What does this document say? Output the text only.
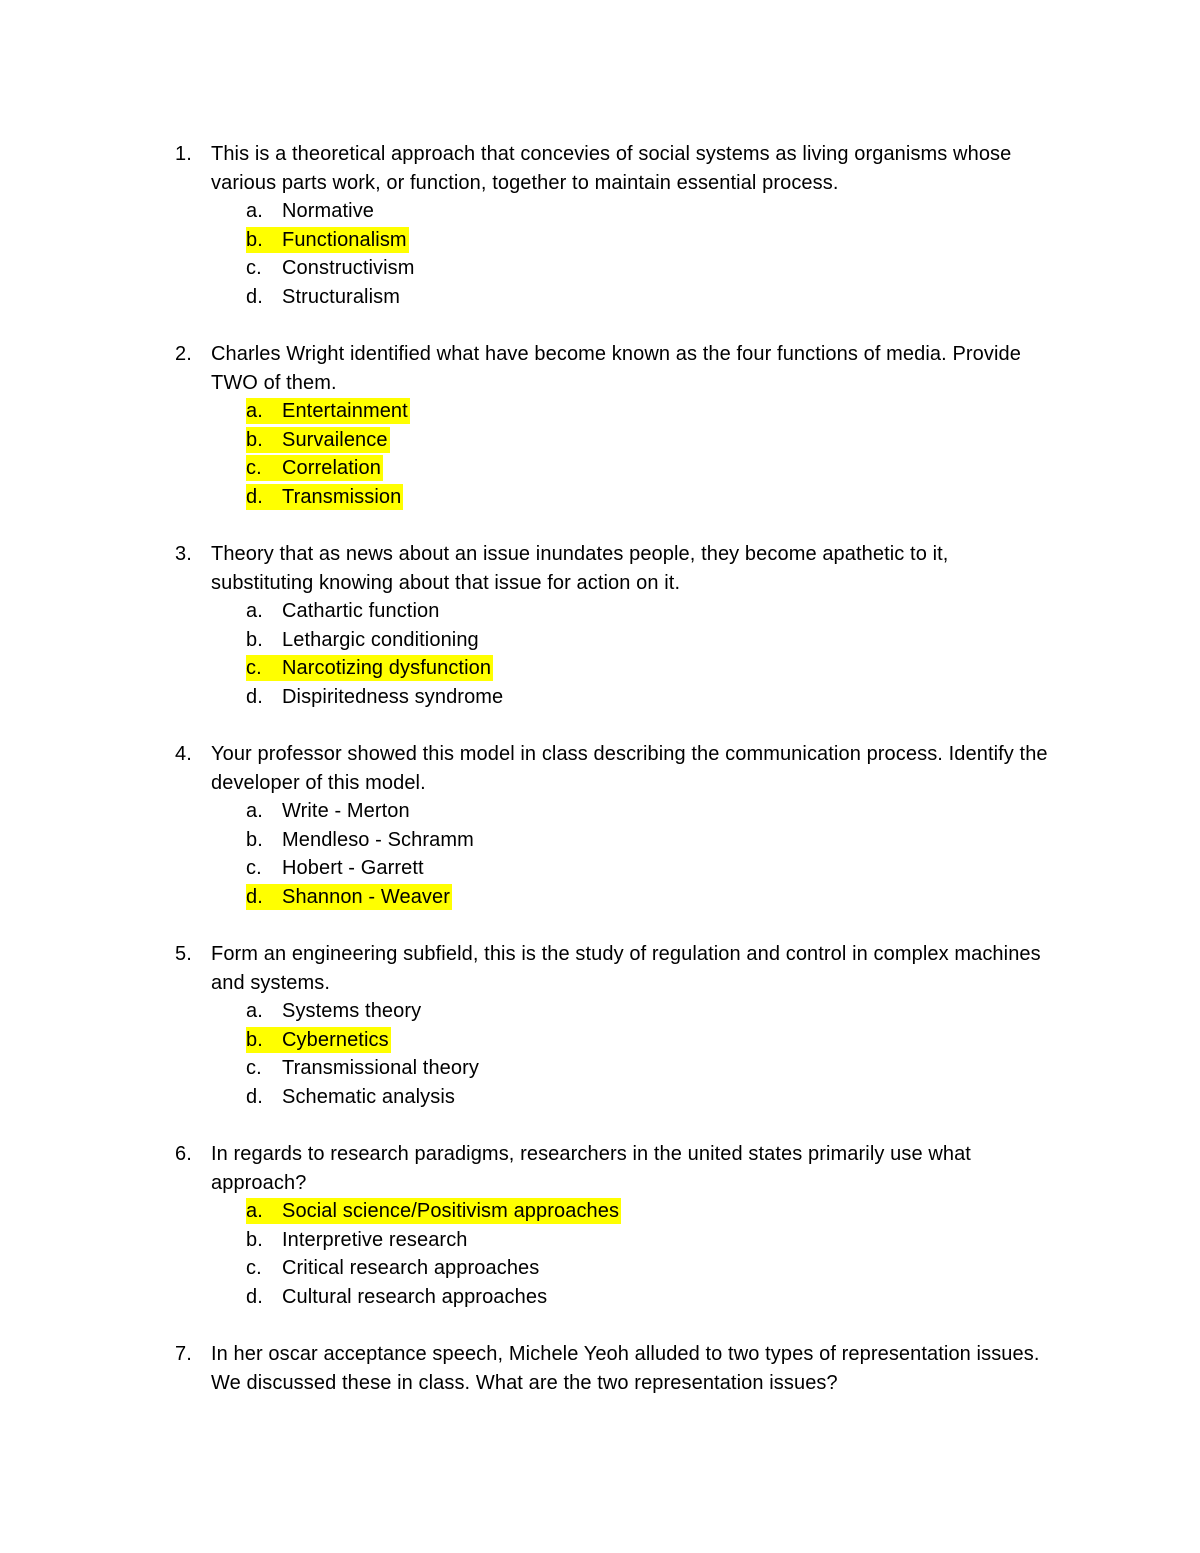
1. This is a theoretical approach that concevies of social systems as living organisms whose various parts work, or function, together to maintain essential process.
a. Normative
b. Functionalism
c. Constructivism
d. Structuralism
2. Charles Wright identified what have become known as the four functions of media. Provide TWO of them.
a. Entertainment
b. Survailence
c. Correlation
d. Transmission
3. Theory that as news about an issue inundates people, they become apathetic to it, substituting knowing about that issue for action on it.
a. Cathartic function
b. Lethargic conditioning
c. Narcotizing dysfunction
d. Dispiritedness syndrome
4. Your professor showed this model in class describing the communication process. Identify the developer of this model.
a. Write - Merton
b. Mendleso - Schramm
c. Hobert - Garrett
d. Shannon - Weaver
5. Form an engineering subfield, this is the study of regulation and control in complex machines and systems.
a. Systems theory
b. Cybernetics
c. Transmissional theory
d. Schematic analysis
6. In regards to research paradigms, researchers in the united states primarily use what approach?
a. Social science/Positivism approaches
b. Interpretive research
c. Critical research approaches
d. Cultural research approaches
7. In her oscar acceptance speech, Michele Yeoh alluded to two types of representation issues. We discussed these in class. What are the two representation issues?
